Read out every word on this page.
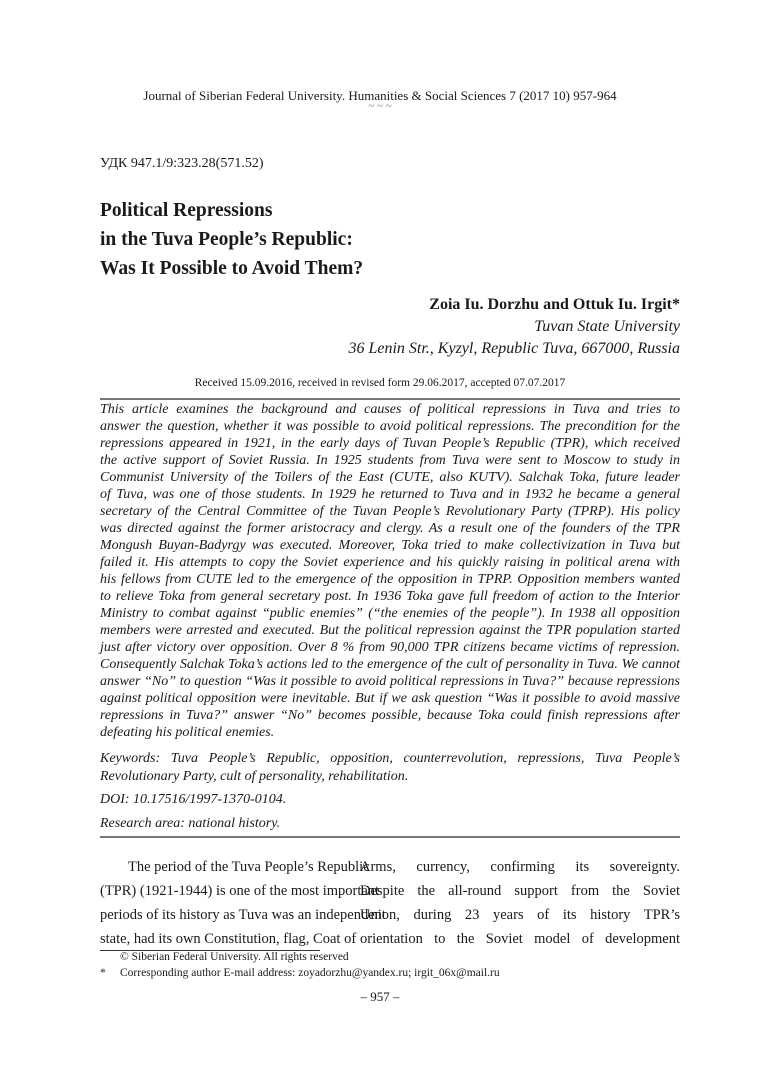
Journal of Siberian Federal University. Humanities & Social Sciences 7 (2017 10) 957-964
~ ~ ~
УДК 947.1/9:323.28(571.52)
Political Repressions
in the Tuva People’s Republic:
Was It Possible to Avoid Them?
Zoia Iu. Dorzhu and Ottuk Iu. Irgit*
Tuvan State University
36 Lenin Str., Kyzyl, Republic Tuva, 667000, Russia
Received 15.09.2016, received in revised form 29.06.2017, accepted 07.07.2017
This article examines the background and causes of political repressions in Tuva and tries to
answer the question, whether it was possible to avoid political repressions. The precondition for the
repressions appeared in 1921, in the early days of Tuvan People’s Republic (TPR), which received
the active support of Soviet Russia. In 1925 students from Tuva were sent to Moscow to study in
Communist University of the Toilers of the East (CUTE, also KUTV). Salchak Toka, future leader
of Tuva, was one of those students. In 1929 he returned to Tuva and in 1932 he became a general
secretary of the Central Committee of the Tuvan People’s Revolutionary Party (TPRP). His policy
was directed against the former aristocracy and clergy. As a result one of the founders of the TPR
Mongush Buyan-Badyrgy was executed. Moreover, Toka tried to make collectivization in Tuva but
failed it. His attempts to copy the Soviet experience and his quickly raising in political arena with
his fellows from CUTE led to the emergence of the opposition in TPRP. Opposition members wanted
to relieve Toka from general secretary post. In 1936 Toka gave full freedom of action to the Interior
Ministry to combat against “public enemies” (“the enemies of the people”). In 1938 all opposition
members were arrested and executed. But the political repression against the TPR population started
just after victory over opposition. Over 8 % from 90,000 TPR citizens became victims of repression.
Consequently Salchak Toka’s actions led to the emergence of the cult of personality in Tuva. We cannot
answer “No” to question “Was it possible to avoid political repressions in Tuva?” because repressions
against political opposition were inevitable. But if we ask question “Was it possible to avoid massive
repressions in Tuva?” answer “No” becomes possible, because Toka could finish repressions after
defeating his political enemies.
Keywords: Tuva People’s Republic, opposition, counterrevolution, repressions, Tuva People’s
Revolutionary Party, cult of personality, rehabilitation.
DOI: 10.17516/1997-1370-0104.
Research area: national history.
The period of the Tuva People’s Republic
(TPR) (1921-1944) is one of the most important
periods of its history as Tuva was an independent
state, had its own Constitution, flag, Coat of
Arms, currency, confirming its sovereignty.
Despite the all-round support from the Soviet
Union, during 23 years of its history TPR’s
orientation to the Soviet model of development
© Siberian Federal University. All rights reserved
* Corresponding author E-mail address: zoyadorzhu@yandex.ru; irgit_06x@mail.ru
– 957 –
